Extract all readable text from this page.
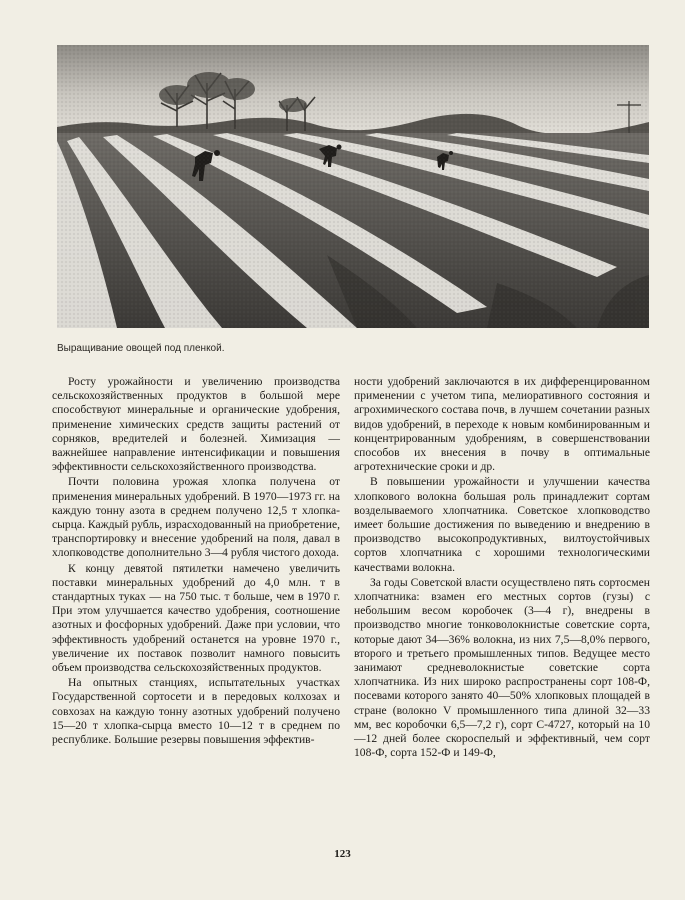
Выращивание овощей под пленкой.

Росту урожайности и увеличению производства сельскохозяйственных продуктов в большой мере способствуют минеральные и органические удобрения, применение химических средств защиты растений от сорняков, вредителей и болезней. Химизация — важнейшее направление интенсификации и повышения эффективности сельскохозяйственного производства.

Почти половина урожая хлопка получена от применения минеральных удобрений. В 1970—1973 гг. на каждую тонну азота в среднем получено 12,5 т хлопка-сырца. Каждый рубль, израсходованный на приобретение, транспортировку и внесение удобрений на поля, давал в хлопководстве дополнительно 3—4 рубля чистого дохода.

К концу девятой пятилетки намечено увеличить поставки минеральных удобрений до 4,0 млн. т в стандартных туках — на 750 тыс. т больше, чем в 1970 г. При этом улучшается качество удобрения, соотношение азотных и фосфорных удобрений. Даже при условии, что эффективность удобрений останется на уровне 1970 г., увеличение их поставок позволит намного повысить объем производства сельскохозяйственных продуктов.

На опытных станциях, испытательных участках Государственной сортосети и в передовых колхозах и совхозах на каждую тонну азотных удобрений получено 15—20 т хлопка-сырца вместо 10—12 т в среднем по республике. Большие резервы повышения эффектив-

ности удобрений заключаются в их дифференцированном применении с учетом типа, мелиоративного состояния и агрохимического состава почв, в лучшем сочетании разных видов удобрений, в переходе к новым комбинированным и концентрированным удобрениям, в совершенствовании способов их внесения в почву в оптимальные агротехнические сроки и др.

В повышении урожайности и улучшении качества хлопкового волокна большая роль принадлежит сортам возделываемого хлопчатника. Советское хлопководство имеет большие достижения по выведению и внедрению в производство высокопродуктивных, вилтоустойчивых сортов хлопчатника с хорошими технологическими качествами волокна.

За годы Советской власти осуществлено пять сортосмен хлопчатника: взамен его местных сортов (гузы) с небольшим весом коробочек (3—4 г), внедрены в производство многие тонковолокнистые советские сорта, которые дают 34—36% волокна, из них 7,5—8,0% первого, второго и третьего промышленных типов. Ведущее место занимают средневолокнистые советские сорта хлопчатника. Из них широко распространены сорт 108-Ф, посевами которого занято 40—50% хлопковых площадей в стране (волокно V промышленного типа длиной 32—33 мм, вес коробочки 6,5—7,2 г), сорт С-4727, который на 10—12 дней более скороспелый и эффективный, чем сорт 108-Ф, сорта 152-Ф и 149-Ф,

123
